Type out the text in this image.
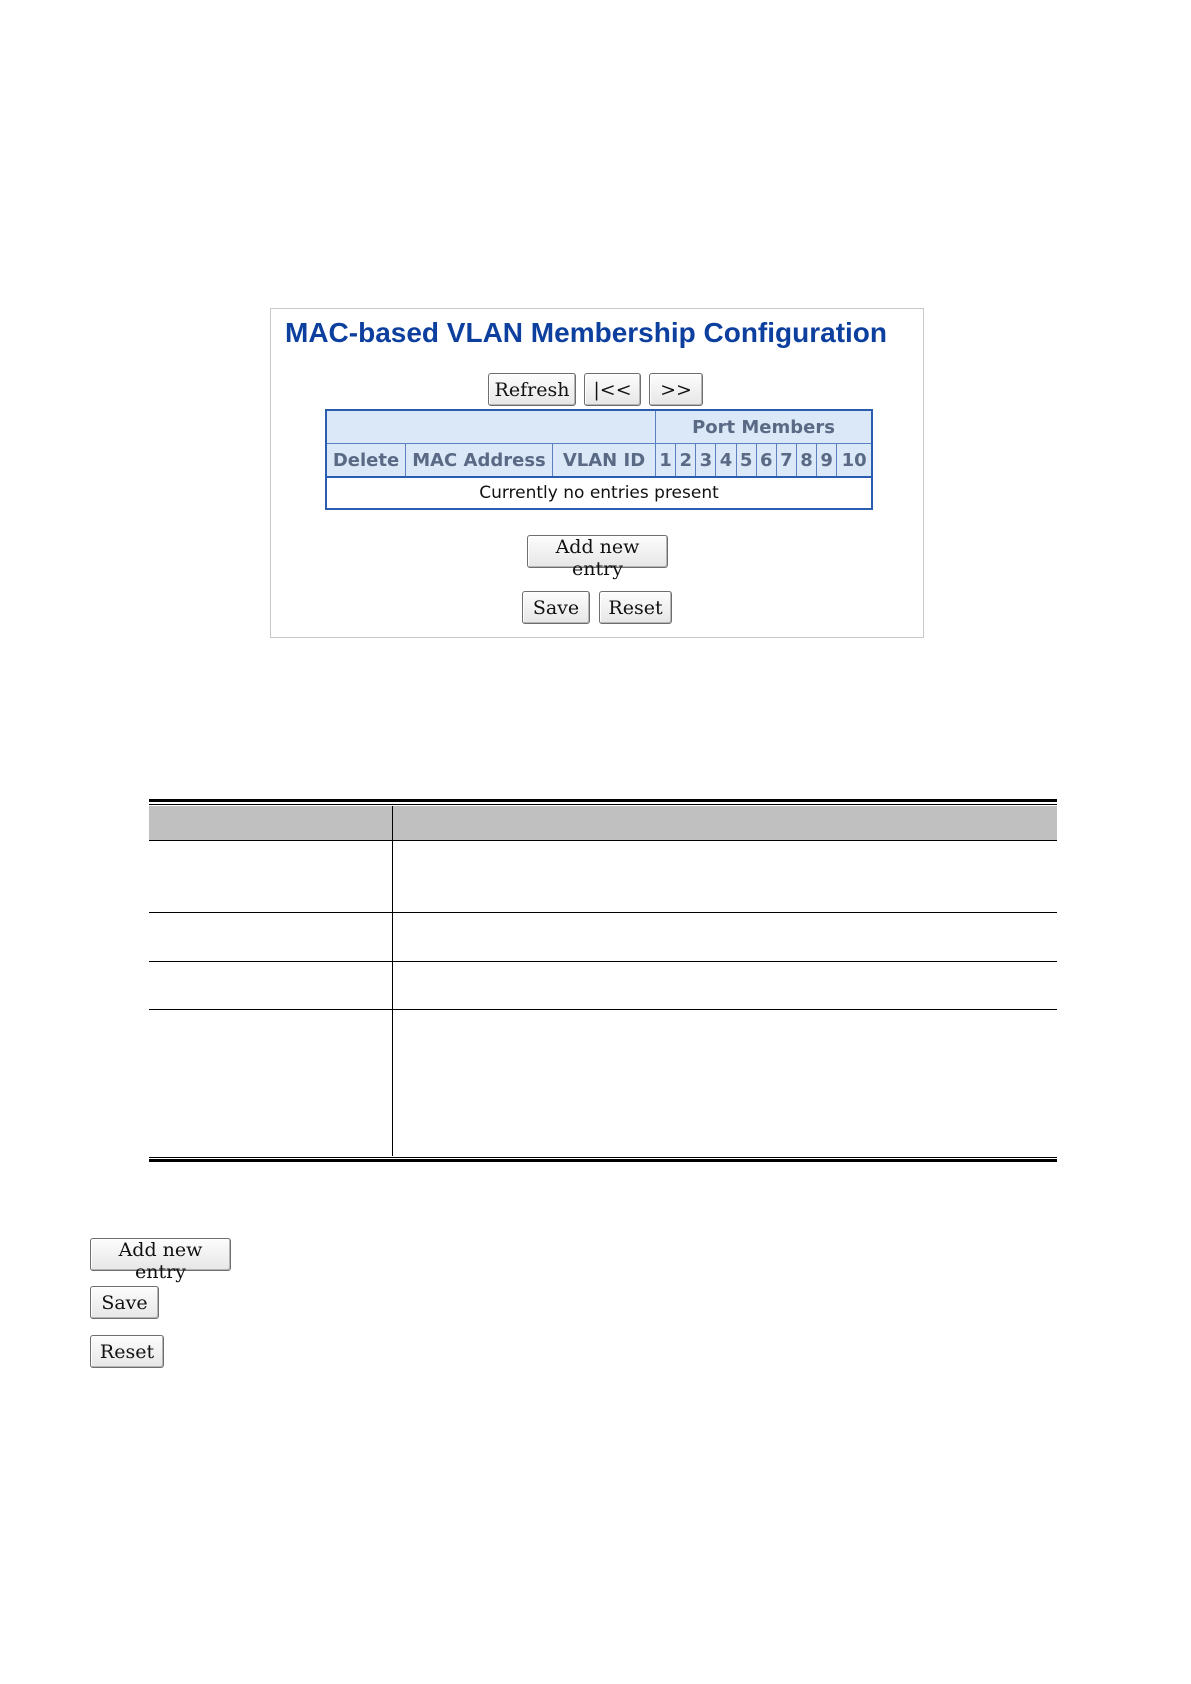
MAC-based VLAN Membership Configuration
Refresh	|<<	>>
			Port Members									
Delete	MAC Address	VLAN ID	1	2	3	4	5	6	7	8	9	10
Currently no entries present												
Add new entry
Save	Reset
Add new entry
Save
Reset
